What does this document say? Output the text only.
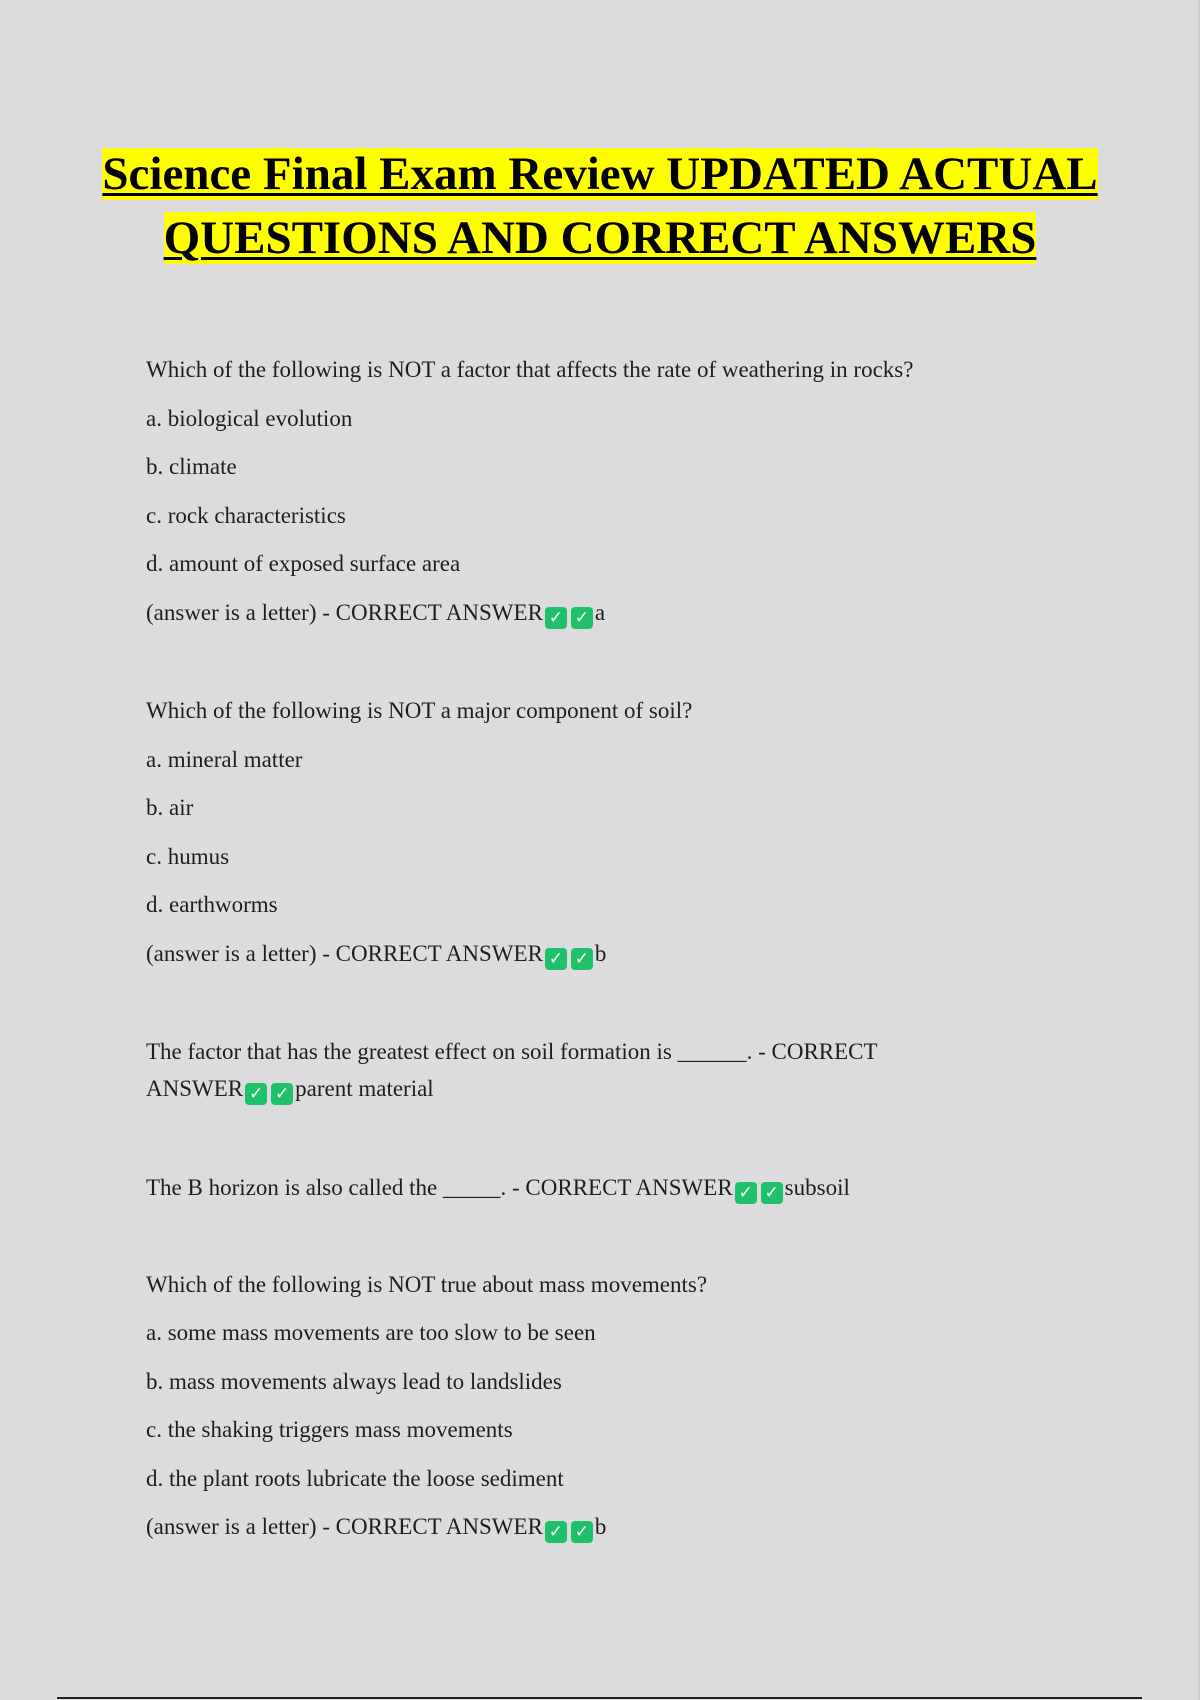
Science Final Exam Review UPDATED ACTUAL QUESTIONS AND CORRECT ANSWERS
Which of the following is NOT a factor that affects the rate of weathering in rocks?
a. biological evolution
b. climate
c. rock characteristics
d. amount of exposed surface area
(answer is a letter) - CORRECT ANSWER ✓ ✓ a
Which of the following is NOT a major component of soil?
a. mineral matter
b. air
c. humus
d. earthworms
(answer is a letter) - CORRECT ANSWER ✓ ✓ b
The factor that has the greatest effect on soil formation is ______. - CORRECT ANSWER ✓ ✓ parent material
The B horizon is also called the _____. - CORRECT ANSWER ✓ ✓ subsoil
Which of the following is NOT true about mass movements?
a. some mass movements are too slow to be seen
b. mass movements always lead to landslides
c. the shaking triggers mass movements
d. the plant roots lubricate the loose sediment
(answer is a letter) - CORRECT ANSWER ✓ ✓ b
